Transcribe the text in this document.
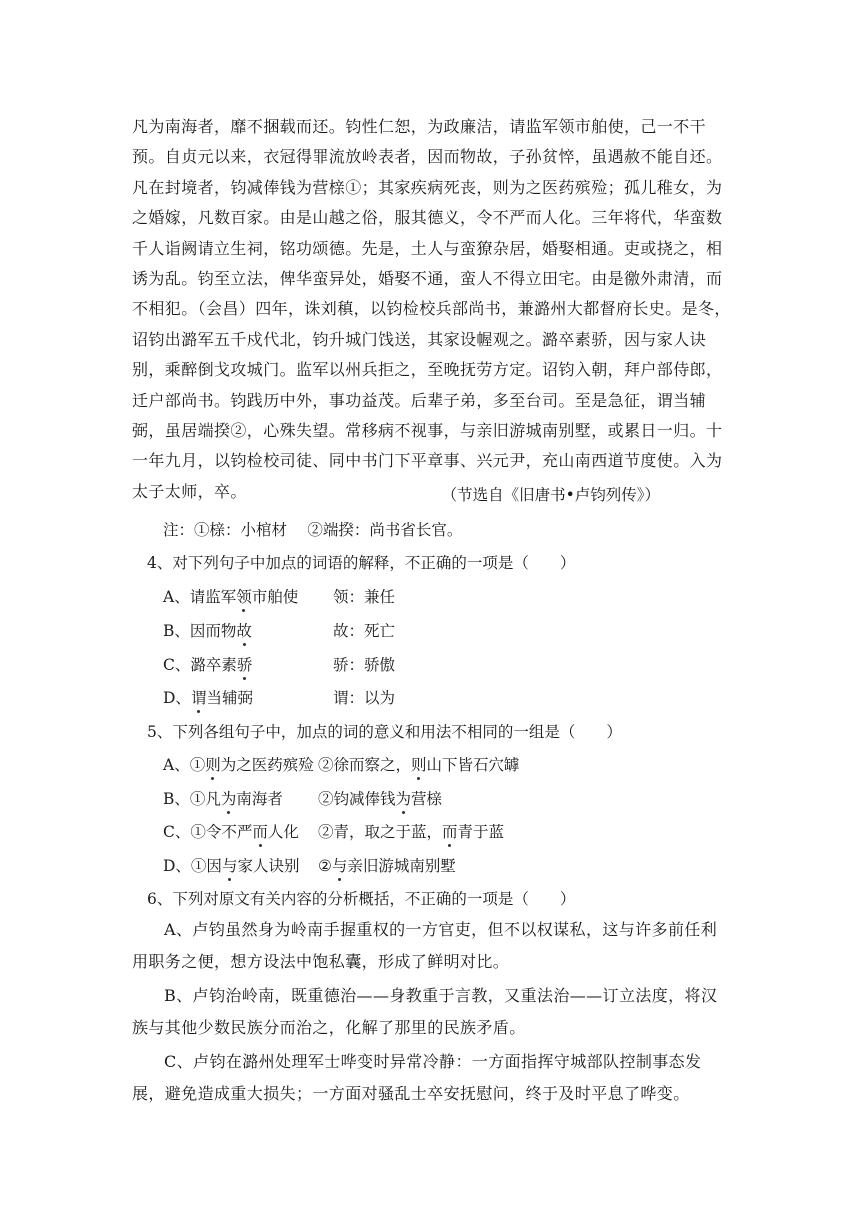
凡为南海者，靡不捆载而还。钧性仁恕，为政廉洁，请监军领市舶使，己一不干预。自贞元以来，衣冠得罪流放岭表者，因而物故，子孙贫悴，虽遇赦不能自还。凡在封境者，钧减俸钱为营榇①；其家疾病死丧，则为之医药殡殓；孤儿稚女，为之婚嫁，凡数百家。由是山越之俗，服其德义，令不严而人化。三年将代，华蛮数千人诣阙请立生祠，铭功颂德。先是，土人与蛮獠杂居，婚娶相通。吏或挠之，相诱为乱。钧至立法，俾华蛮异处，婚娶不通，蛮人不得立田宅。由是徼外肃清，而不相犯。（会昌）四年，诛刘稹，以钧检校兵部尚书，兼潞州大都督府长史。是冬，诏钧出潞军五千戍代北，钧升城门饯送，其家设幄观之。潞卒素骄，因与家人诀别，乘醉倒戈攻城门。监军以州兵拒之，至晚抚劳方定。诏钧入朝，拜户部侍郎，迁户部尚书。钧践历中外，事功益茂。后辈子弟，多至台司。至是急征，谓当辅弼，虽居端揆②，心殊失望。常移病不视事，与亲旧游城南别墅，或累日一归。十一年九月，以钧检校司徒、同中书门下平章事、兴元尹，充山南西道节度使。入为太子太师，卒。	（节选自《旧唐书•卢钧列传》）

注：①榇：小棺材　 ②端揆：尚书省长官。

4、对下列句子中加点的词语的解释，不正确的一项是（　　）

A、请监军领市舶使 领：兼任
B、因而物故	故：死亡
C、潞卒素骄	骄：骄傲
D、谓当辅弼	谓：以为

5、下列各组句子中，加点的词的意义和用法不相同的一组是（　　）

A、①则为之医药殡殓 ②徐而察之，则山下皆石穴罅
B、①凡为南海者 ②钧减俸钱为营榇
C、①令不严而人化 ②青，取之于蓝，而青于蓝
D、①因与家人诀别 ②与亲旧游城南别墅

6、下列对原文有关内容的分析概括，不正确的一项是（　　）

A、卢钧虽然身为岭南手握重权的一方官吏，但不以权谋私，这与许多前任利用职务之便，想方设法中饱私囊，形成了鲜明对比。

B、卢钧治岭南，既重德治——身教重于言教，又重法治——订立法度，将汉族与其他少数民族分而治之，化解了那里的民族矛盾。

C、卢钧在潞州处理军士哗变时异常冷静：一方面指挥守城部队控制事态发展，避免造成重大损失；一方面对骚乱士卒安抚慰问，终于及时平息了哗变。
